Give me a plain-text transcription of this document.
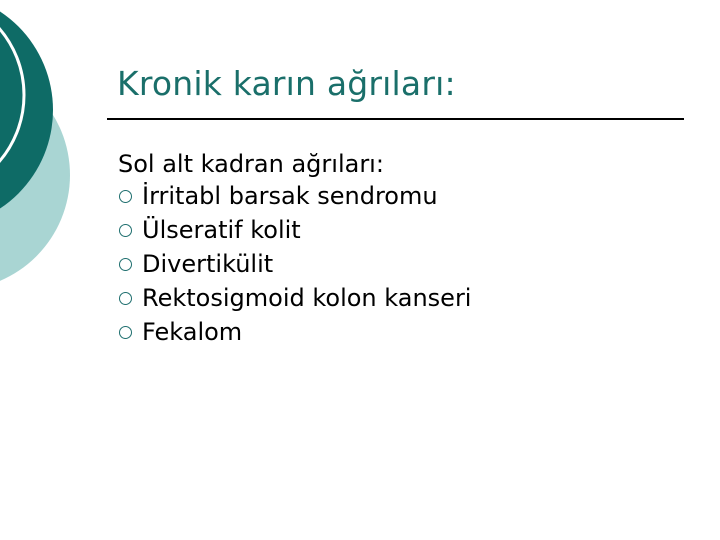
Kronik karın ağrıları:
Sol alt kadran ağrıları:
İrritabl barsak sendromu
Ülseratif kolit
Divertikülit
Rektosigmoid kolon kanseri
Fekalom
